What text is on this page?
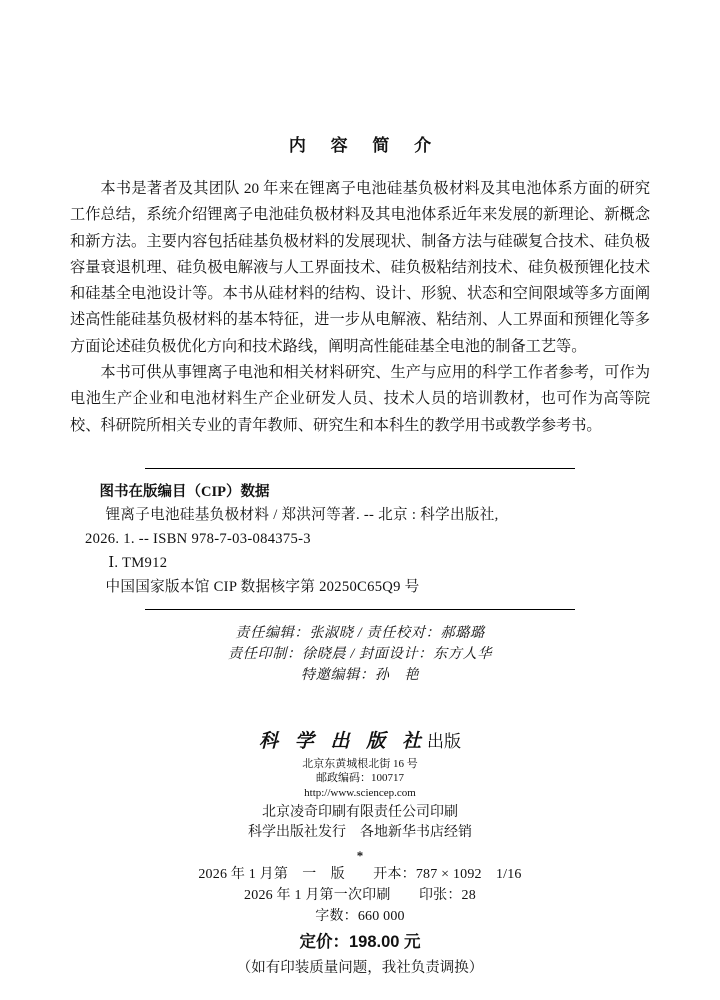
内 容 简 介

本书是著者及其团队 20 年来在锂离子电池硅基负极材料及其电池体系方面的研究工作总结，系统介绍锂离子电池硅负极材料及其电池体系近年来发展的新理论、新概念和新方法。主要内容包括硅基负极材料的发展现状、制备方法与硅碳复合技术、硅负极容量衰退机理、硅负极电解液与人工界面技术、硅负极粘结剂技术、硅负极预锂化技术和硅基全电池设计等。本书从硅材料的结构、设计、形貌、状态和空间限域等多方面阐述高性能硅基负极材料的基本特征，进一步从电解液、粘结剂、人工界面和预锂化等多方面论述硅负极优化方向和技术路线，阐明高性能硅基全电池的制备工艺等。

本书可供从事锂离子电池和相关材料研究、生产与应用的科学工作者参考，可作为电池生产企业和电池材料生产企业研发人员、技术人员的培训教材，也可作为高等院校、科研院所相关专业的青年教师、研究生和本科生的教学用书或教学参考书。

图书在版编目（CIP）数据
锂离子电池硅基负极材料 / 郑洪河等著. -- 北京 : 科学出版社,
2026. 1. -- ISBN 978-7-03-084375-3
Ⅰ. TM912
中国国家版本馆 CIP 数据核字第 20250C65Q9 号
责任编辑：张淑晓 / 责任校对：郝璐璐
责任印制：徐晓晨 / 封面设计：东方人华
特邀编辑：孙　艳
科 学 出 版 社出版
北京东黄城根北街 16 号
邮政编码：100717
http://www.sciencep.com
北京凌奇印刷有限责任公司印刷
科学出版社发行　各地新华书店经销
*
2026 年 1 月第　一　版　　开本：787 × 1092　1/16
2026 年 1 月第一次印刷　　印张：28
字数：660 000
定价：198.00 元
（如有印装质量问题，我社负责调换）
